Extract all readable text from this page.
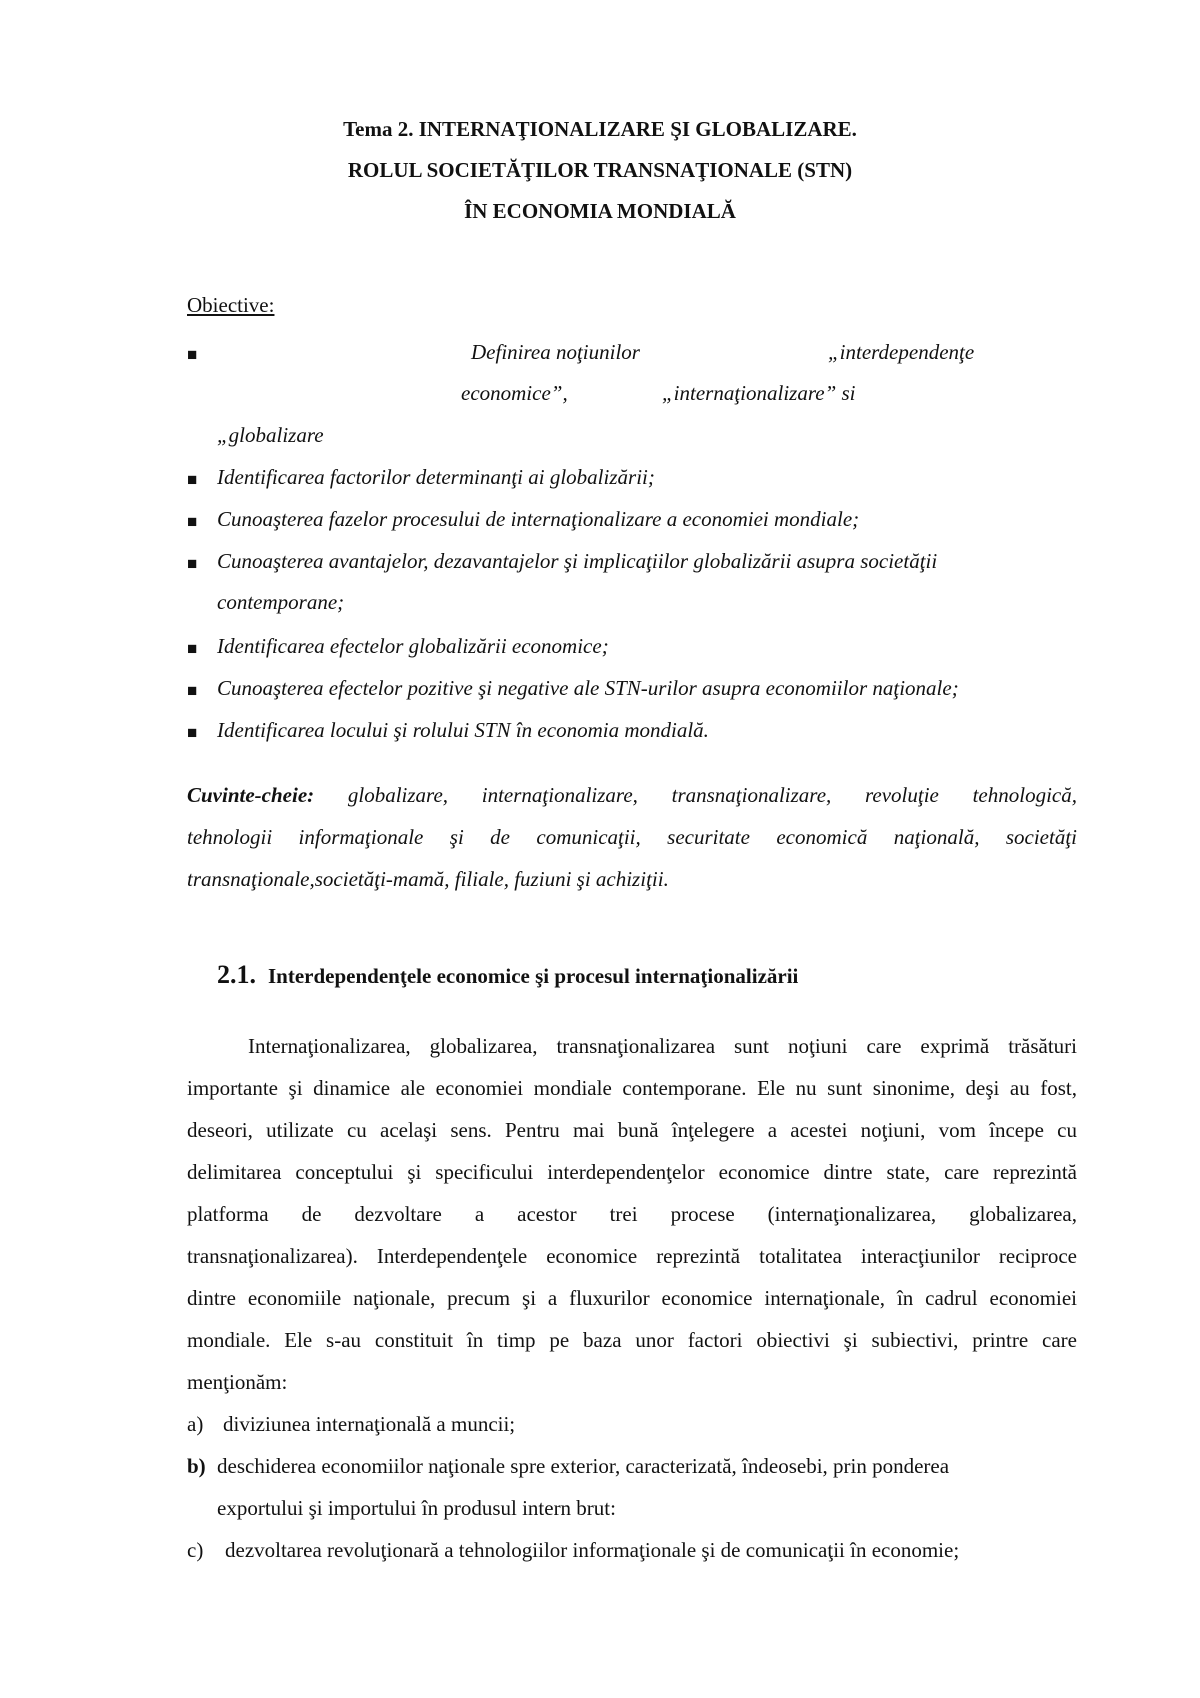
Tema 2. INTERNAŢIONALIZARE ŞI GLOBALIZARE.
ROLUL SOCIETĂŢILOR TRANSNAŢIONALE (STN)
ÎN ECONOMIA MONDIALĂ
Obiective:
■	Definirea noţiunilor	„interdependenţe
economice”,	„internaţionalizare” si
„globalizare
■ Identificarea factorilor determinanţi ai globalizării;
■ Cunoaşterea fazelor procesului de internaţionalizare a economiei mondiale;
■ Cunoaşterea avantajelor, dezavantajelor şi implicaţiilor globalizării asupra societăţii
contemporane;
■ Identificarea efectelor globalizării economice;
■ Cunoaşterea efectelor pozitive şi negative ale STN-urilor asupra economiilor naţionale;
■ Identificarea locului şi rolului STN în economia mondială.
Cuvinte-cheie: globalizare, internaţionalizare, transnaţionalizare, revoluţie tehnologică,
tehnologii informaţionale şi de comunicaţii, securitate economică naţională, societăţi
transnaţionale,societăţi-mamă, filiale, fuziuni şi achiziţii.
2.1. Interdependenţele economice şi procesul internaţionalizării
Internaţionalizarea, globalizarea, transnaţionalizarea sunt noţiuni care exprimă trăsături
importante şi dinamice ale economiei mondiale contemporane. Ele nu sunt sinonime, deşi au fost,
deseori, utilizate cu acelaşi sens. Pentru mai bună înţelegere a acestei noţiuni, vom începe cu
delimitarea conceptului şi specificului interdependenţelor economice dintre state, care reprezintă
platforma de dezvoltare a acestor trei procese (internaţionalizarea, globalizarea,
transnaţionalizarea). Interdependenţele economice reprezintă totalitatea interacţiunilor reciproce
dintre economiile naţionale, precum şi a fluxurilor economice internaţionale, în cadrul economiei
mondiale. Ele s-au constituit în timp pe baza unor factori obiectivi şi subiectivi, printre care
menţionăm:
a) diviziunea internaţională a muncii;
b) deschiderea economiilor naţionale spre exterior, caracterizată, îndeosebi, prin ponderea
exportului şi importului în produsul intern brut:
c) dezvoltarea revoluţionară a tehnologiilor informaţionale şi de comunicaţii în economie;
